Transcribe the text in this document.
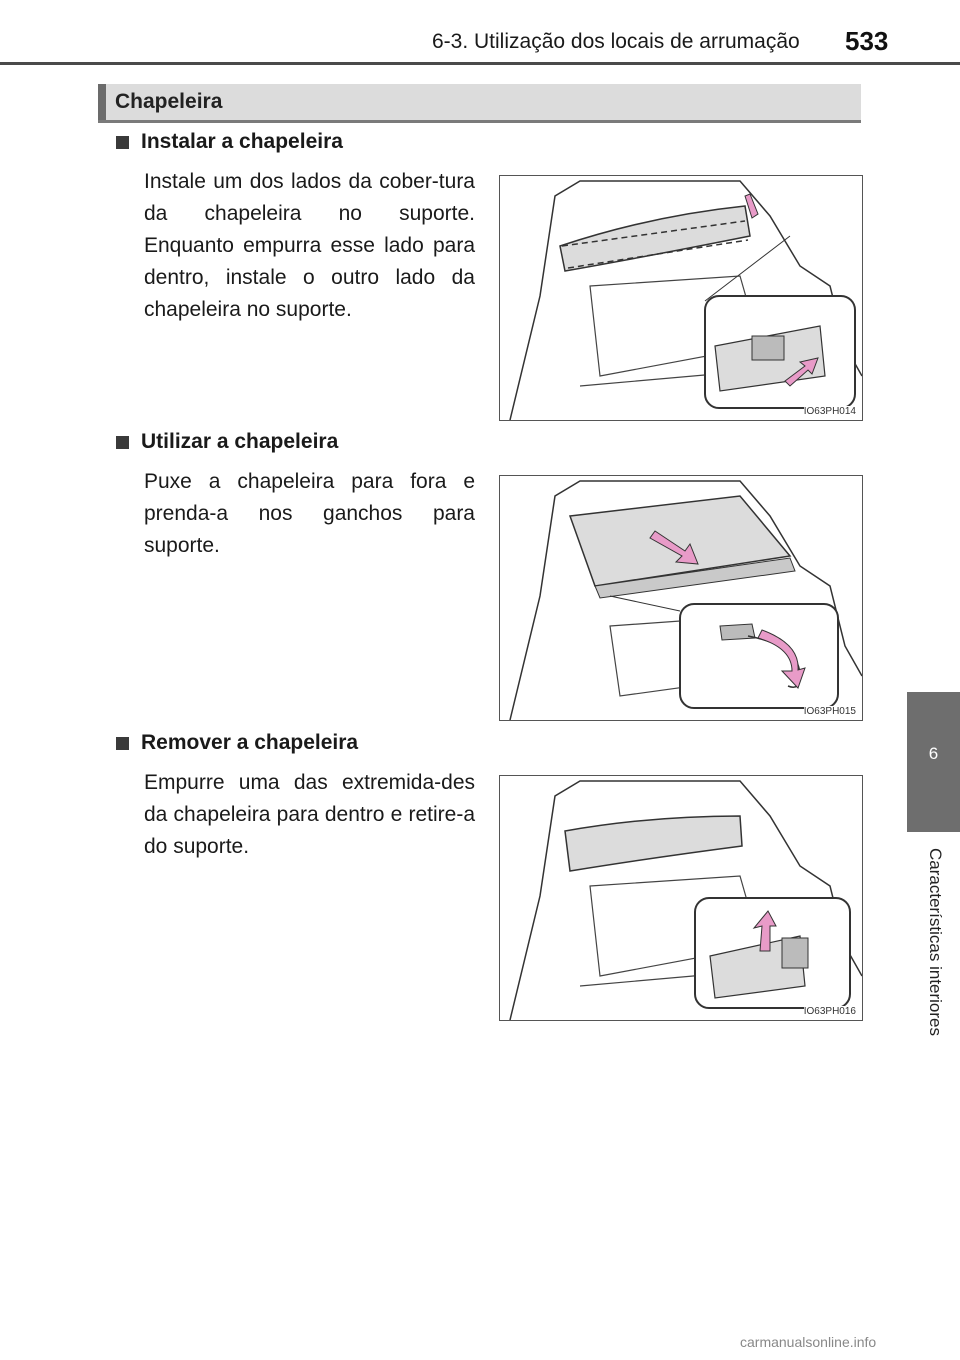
6-3. Utilização dos locais de arrumação 533
Chapeleira
Instalar a chapeleira
Instale um dos lados da cober-tura da chapeleira no suporte. Enquanto empurra esse lado para dentro, instale o outro lado da chapeleira no suporte.
IO63PH014
Utilizar a chapeleira
Puxe a chapeleira para fora e prenda-a nos ganchos para suporte.
IO63PH015
Remover a chapeleira
Empurre uma das extremida-des da chapeleira para dentro e retire-a do suporte.
IO63PH016
6
Características interiores
carmanualsonline.info
